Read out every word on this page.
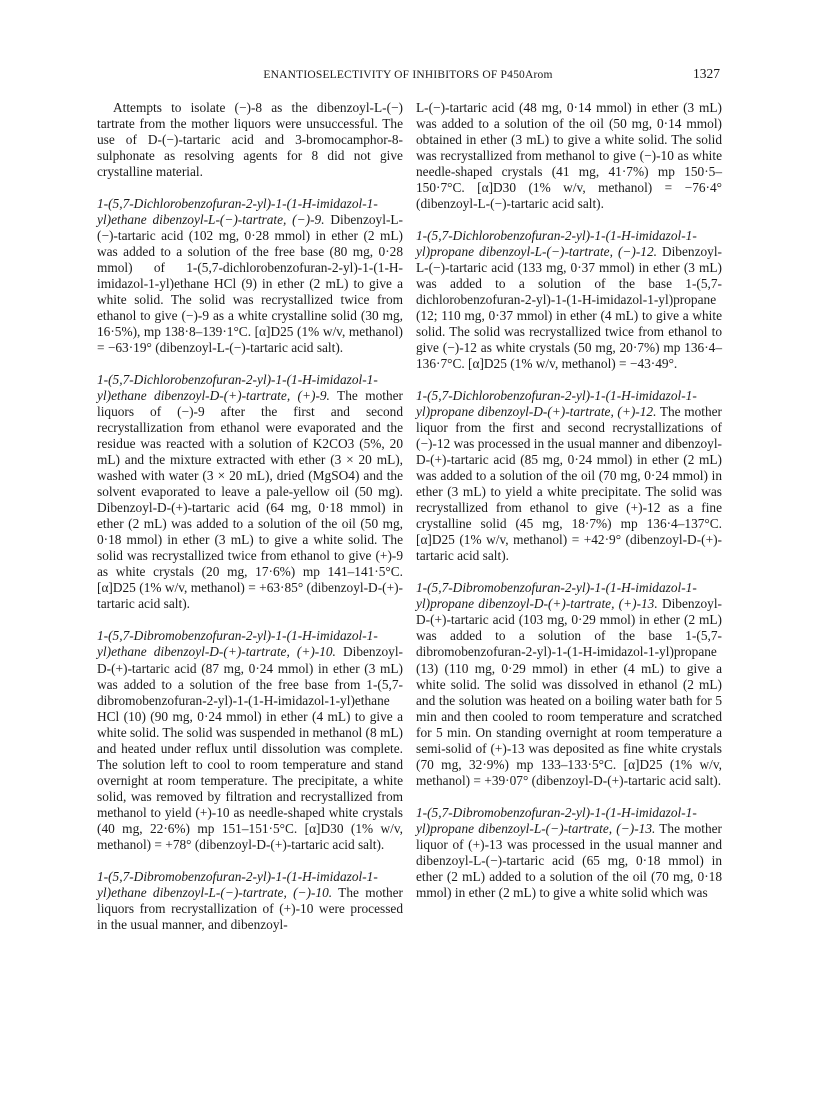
ENANTIOSELECTIVITY OF INHIBITORS OF P450Arom	1327

Attempts to isolate (−)-8 as the dibenzoyl-L-(−) tartrate from the mother liquors were unsuccessful. The use of D-(−)-tartaric acid and 3-bromocamphor-8-sulphonate as resolving agents for 8 did not give crystalline material.

1-(5,7-Dichlorobenzofuran-2-yl)-1-(1-H-imidazol-1-yl)ethane dibenzoyl-L-(−)-tartrate, (−)-9. Dibenzoyl-L-(−)-tartaric acid (102 mg, 0·28 mmol) in ether (2 mL) was added to a solution of the free base (80 mg, 0·28 mmol) of 1-(5,7-dichlorobenzofuran-2-yl)-1-(1-H-imidazol-1-yl)ethane HCl (9) in ether (2 mL) to give a white solid. The solid was recrystallized twice from ethanol to give (−)-9 as a white crystalline solid (30 mg, 16·5%), mp 138·8–139·1°C. [α]D25 (1% w/v, methanol) = −63·19° (dibenzoyl-L-(−)-tartaric acid salt).

1-(5,7-Dichlorobenzofuran-2-yl)-1-(1-H-imidazol-1-yl)ethane dibenzoyl-D-(+)-tartrate, (+)-9. The mother liquors of (−)-9 after the first and second recrystallization from ethanol were evaporated and the residue was reacted with a solution of K2CO3 (5%, 20 mL) and the mixture extracted with ether (3 × 20 mL), washed with water (3 × 20 mL), dried (MgSO4) and the solvent evaporated to leave a pale-yellow oil (50 mg). Dibenzoyl-D-(+)-tartaric acid (64 mg, 0·18 mmol) in ether (2 mL) was added to a solution of the oil (50 mg, 0·18 mmol) in ether (3 mL) to give a white solid. The solid was recrystallized twice from ethanol to give (+)-9 as white crystals (20 mg, 17·6%) mp 141–141·5°C. [α]D25 (1% w/v, methanol) = +63·85° (dibenzoyl-D-(+)-tartaric acid salt).

1-(5,7-Dibromobenzofuran-2-yl)-1-(1-H-imidazol-1-yl)ethane dibenzoyl-D-(+)-tartrate, (+)-10. Dibenzoyl-D-(+)-tartaric acid (87 mg, 0·24 mmol) in ether (3 mL) was added to a solution of the free base from 1-(5,7-dibromobenzofuran-2-yl)-1-(1-H-imidazol-1-yl)ethane HCl (10) (90 mg, 0·24 mmol) in ether (4 mL) to give a white solid. The solid was suspended in methanol (8 mL) and heated under reflux until dissolution was complete. The solution left to cool to room temperature and stand overnight at room temperature. The precipitate, a white solid, was removed by filtration and recrystallized from methanol to yield (+)-10 as needle-shaped white crystals (40 mg, 22·6%) mp 151–151·5°C. [α]D30 (1% w/v, methanol) = +78° (dibenzoyl-D-(+)-tartaric acid salt).

1-(5,7-Dibromobenzofuran-2-yl)-1-(1-H-imidazol-1-yl)ethane dibenzoyl-L-(−)-tartrate, (−)-10. The mother liquors from recrystallization of (+)-10 were processed in the usual manner, and dibenzoyl-

L-(−)-tartaric acid (48 mg, 0·14 mmol) in ether (3 mL) was added to a solution of the oil (50 mg, 0·14 mmol) obtained in ether (3 mL) to give a white solid. The solid was recrystallized from methanol to give (−)-10 as white needle-shaped crystals (41 mg, 41·7%) mp 150·5–150·7°C. [α]D30 (1% w/v, methanol) = −76·4° (dibenzoyl-L-(−)-tartaric acid salt).

1-(5,7-Dichlorobenzofuran-2-yl)-1-(1-H-imidazol-1-yl)propane dibenzoyl-L-(−)-tartrate, (−)-12. Dibenzoyl-L-(−)-tartaric acid (133 mg, 0·37 mmol) in ether (3 mL) was added to a solution of the base 1-(5,7-dichlorobenzofuran-2-yl)-1-(1-H-imidazol-1-yl)propane (12; 110 mg, 0·37 mmol) in ether (4 mL) to give a white solid. The solid was recrystallized twice from ethanol to give (−)-12 as white crystals (50 mg, 20·7%) mp 136·4–136·7°C. [α]D25 (1% w/v, methanol) = −43·49°.

1-(5,7-Dichlorobenzofuran-2-yl)-1-(1-H-imidazol-1-yl)propane dibenzoyl-D-(+)-tartrate, (+)-12. The mother liquor from the first and second recrystallizations of (−)-12 was processed in the usual manner and dibenzoyl-D-(+)-tartaric acid (85 mg, 0·24 mmol) in ether (2 mL) was added to a solution of the oil (70 mg, 0·24 mmol) in ether (3 mL) to yield a white precipitate. The solid was recrystallized from ethanol to give (+)-12 as a fine crystalline solid (45 mg, 18·7%) mp 136·4–137°C. [α]D25 (1% w/v, methanol) = +42·9° (dibenzoyl-D-(+)-tartaric acid salt).

1-(5,7-Dibromobenzofuran-2-yl)-1-(1-H-imidazol-1-yl)propane dibenzoyl-D-(+)-tartrate, (+)-13. Dibenzoyl-D-(+)-tartaric acid (103 mg, 0·29 mmol) in ether (2 mL) was added to a solution of the base 1-(5,7-dibromobenzofuran-2-yl)-1-(1-H-imidazol-1-yl)propane (13) (110 mg, 0·29 mmol) in ether (4 mL) to give a white solid. The solid was dissolved in ethanol (2 mL) and the solution was heated on a boiling water bath for 5 min and then cooled to room temperature and scratched for 5 min. On standing overnight at room temperature a semi-solid of (+)-13 was deposited as fine white crystals (70 mg, 32·9%) mp 133–133·5°C. [α]D25 (1% w/v, methanol) = +39·07° (dibenzoyl-D-(+)-tartaric acid salt).

1-(5,7-Dibromobenzofuran-2-yl)-1-(1-H-imidazol-1-yl)propane dibenzoyl-L-(−)-tartrate, (−)-13. The mother liquor of (+)-13 was processed in the usual manner and dibenzoyl-L-(−)-tartaric acid (65 mg, 0·18 mmol) in ether (2 mL) added to a solution of the oil (70 mg, 0·18 mmol) in ether (2 mL) to give a white solid which was
